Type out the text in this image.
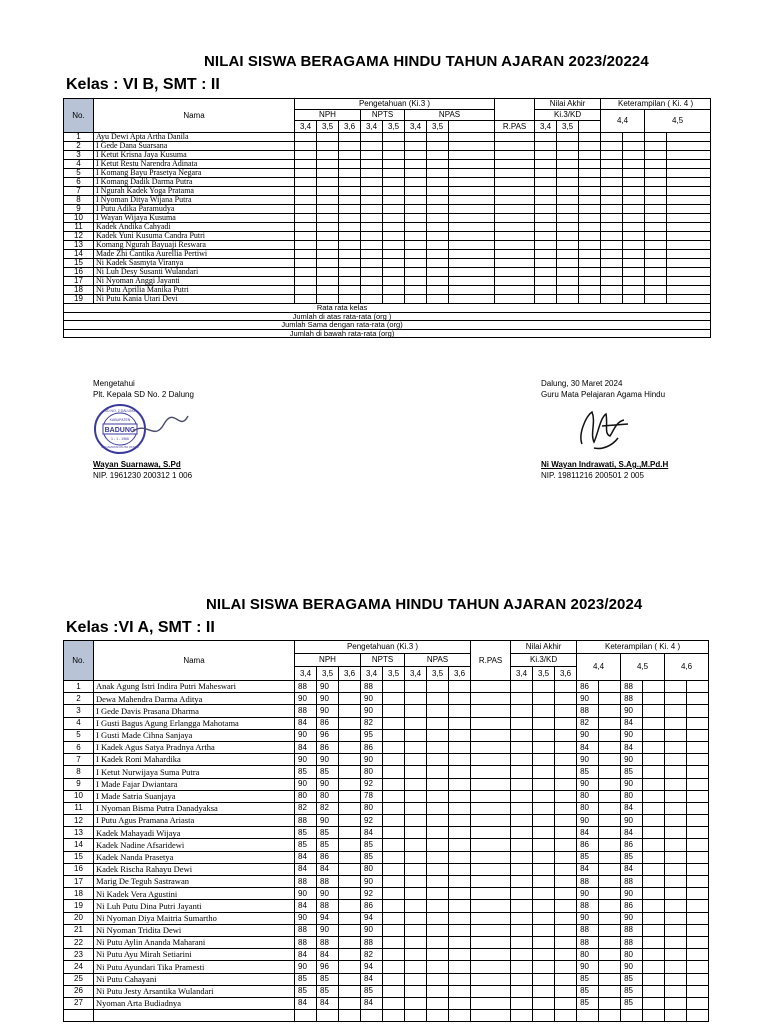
NILAI SISWA BERAGAMA HINDU TAHUN AJARAN 2023/20224
Kelas : VI B, SMT : II
No.	Nama	Pengetahuan (Ki.3 )									Nilai Akhir			Keterampilan ( Ki. 4 )			
		NPH			NPTS		NPAS				Ki.3/KD			4,4		4,5	
		3,4	3,5	3,6	3,4	3,5	3,4	3,5		R.PAS	3,4	3,5					
1	Ayu Dewi Apta Artha Danila																
2	I Gede Dana Suarsana																
3	I Ketut Krisna Jaya Kusuma																
4	I Ketut Restu Narendra Adinata																
5	I Komang Bayu Prasetya Negara																
6	I Komang Dadik Darma Putra																
7	I Ngurah Kadek Yoga Pratama																
8	I Nyoman Ditya Wijana Putra																
9	I Putu Adika Paramudya																
10	I Wayan Wijaya Kusuma																
11	Kadek Andika Cahyadi																
12	Kadek Yuni Kusuma Candra Putri																
13	Komang Ngurah Bayuaji Reswara																
14	Made Zhi Cantika Aurellia Pertiwi																
15	Ni Kadek Sasmyta Viranya																
16	Ni Luh Desy Susanti Wulandari																
17	Ni Nyoman Anggi Jayanti																
18	Ni Putu Aprilia Manika Putri																
19	Ni Putu Kania Utari Devi																
Rata rata kelas																	
Jumlah di atas rata-rata (org )																	
Jumlah Sama dengan rata-rata (org)																	
Jumlah di bawah rata-rata (org)																	
Mengetahui
Plt. Kepala SD No. 2 Dalung
BADUNG
SD NO. 2 DALUNG
KABUPATEN
1 - 1 - 1966
KECAMATAN KUTA UTARA
Wayan Suarnawa, S.Pd
NIP. 1961230 200312 1 006
Dalung, 30 Maret 2024
Guru Mata Pelajaran Agama Hindu
Ni Wayan Indrawati, S.Ag.,M.Pd.H
NIP. 19811216 200501 2 005
NILAI SISWA BERAGAMA HINDU TAHUN AJARAN 2023/2024
Kelas :VI A, SMT : II
No.	Nama	Pengetahuan (Ki.3 )								R.PAS	Nilai Akhir			Keterampilan ( Ki. 4 )					
		NPH			NPTS		NPAS				Ki.3/KD			4,4		4,5		4,6	
		3,4	3,5	3,6	3,4	3,5	3,4	3,5	3,6		3,4	3,5	3,6						
1	Anak Agung Istri Indira Putri Maheswari	88	90		88									86		88			
2	Dewa Mahendra Darma Aditya	90	90		90									90		88			
3	I Gede Davis Prasana Dharma	88	90		90									88		90			
4	I Gusti Bagus Agung Erlangga Mahotama	84	86		82									82		84			
5	I Gusti Made Cihna Sanjaya	90	96		95									90		90			
6	I Kadek Agus Satya Pradnya Artha	84	86		86									84		84			
7	I Kadek Roni Mahardika	90	90		90									90		90			
8	I Ketut Nurwijaya Suma Putra	85	85		80									85		85			
9	I Made Fajar Dwiantara	90	90		92									90		90			
10	I Made Satria Suanjaya	80	80		78									80		80			
11	I Nyoman Bisma Putra Danadyaksa	82	82		80									80		84			
12	I Putu Agus Pramana Ariasta	88	90		92									90		90			
13	Kadek Mahayadi Wijaya	85	85		84									84		84			
14	Kadek Nadine Afsaridewi	85	85		85									86		86			
15	Kadek Nanda Prasetya	84	86		85									85		85			
16	Kadek Rischa Rahayu Dewi	84	84		80									84		84			
17	Marig De Teguh Sastrawan	88	88		90									88		88			
18	Ni Kadek Vera Agustini	90	90		92									90		90			
19	Ni Luh Putu Dina Putri Jayanti	84	88		86									88		86			
20	Ni Nyoman Diya Maitria Sumartho	90	94		94									90		90			
21	Ni Nyoman Tridita Dewi	88	90		90									88		88			
22	Ni Putu Aylin Ananda Maharani	88	88		88									88		88			
23	Ni Putu Ayu Mirah Setiarini	84	84		82									80		80			
24	Ni Putu Ayundari Tika Pramesti	90	96		94									90		90			
25	Ni Putu Cahayani	85	85		84									85		85			
26	Ni Putu Jesty Arsantika Wulandari	85	85		85									85		85			
27	Nyoman Arta Budiadnya	84	84		84									85		85			
